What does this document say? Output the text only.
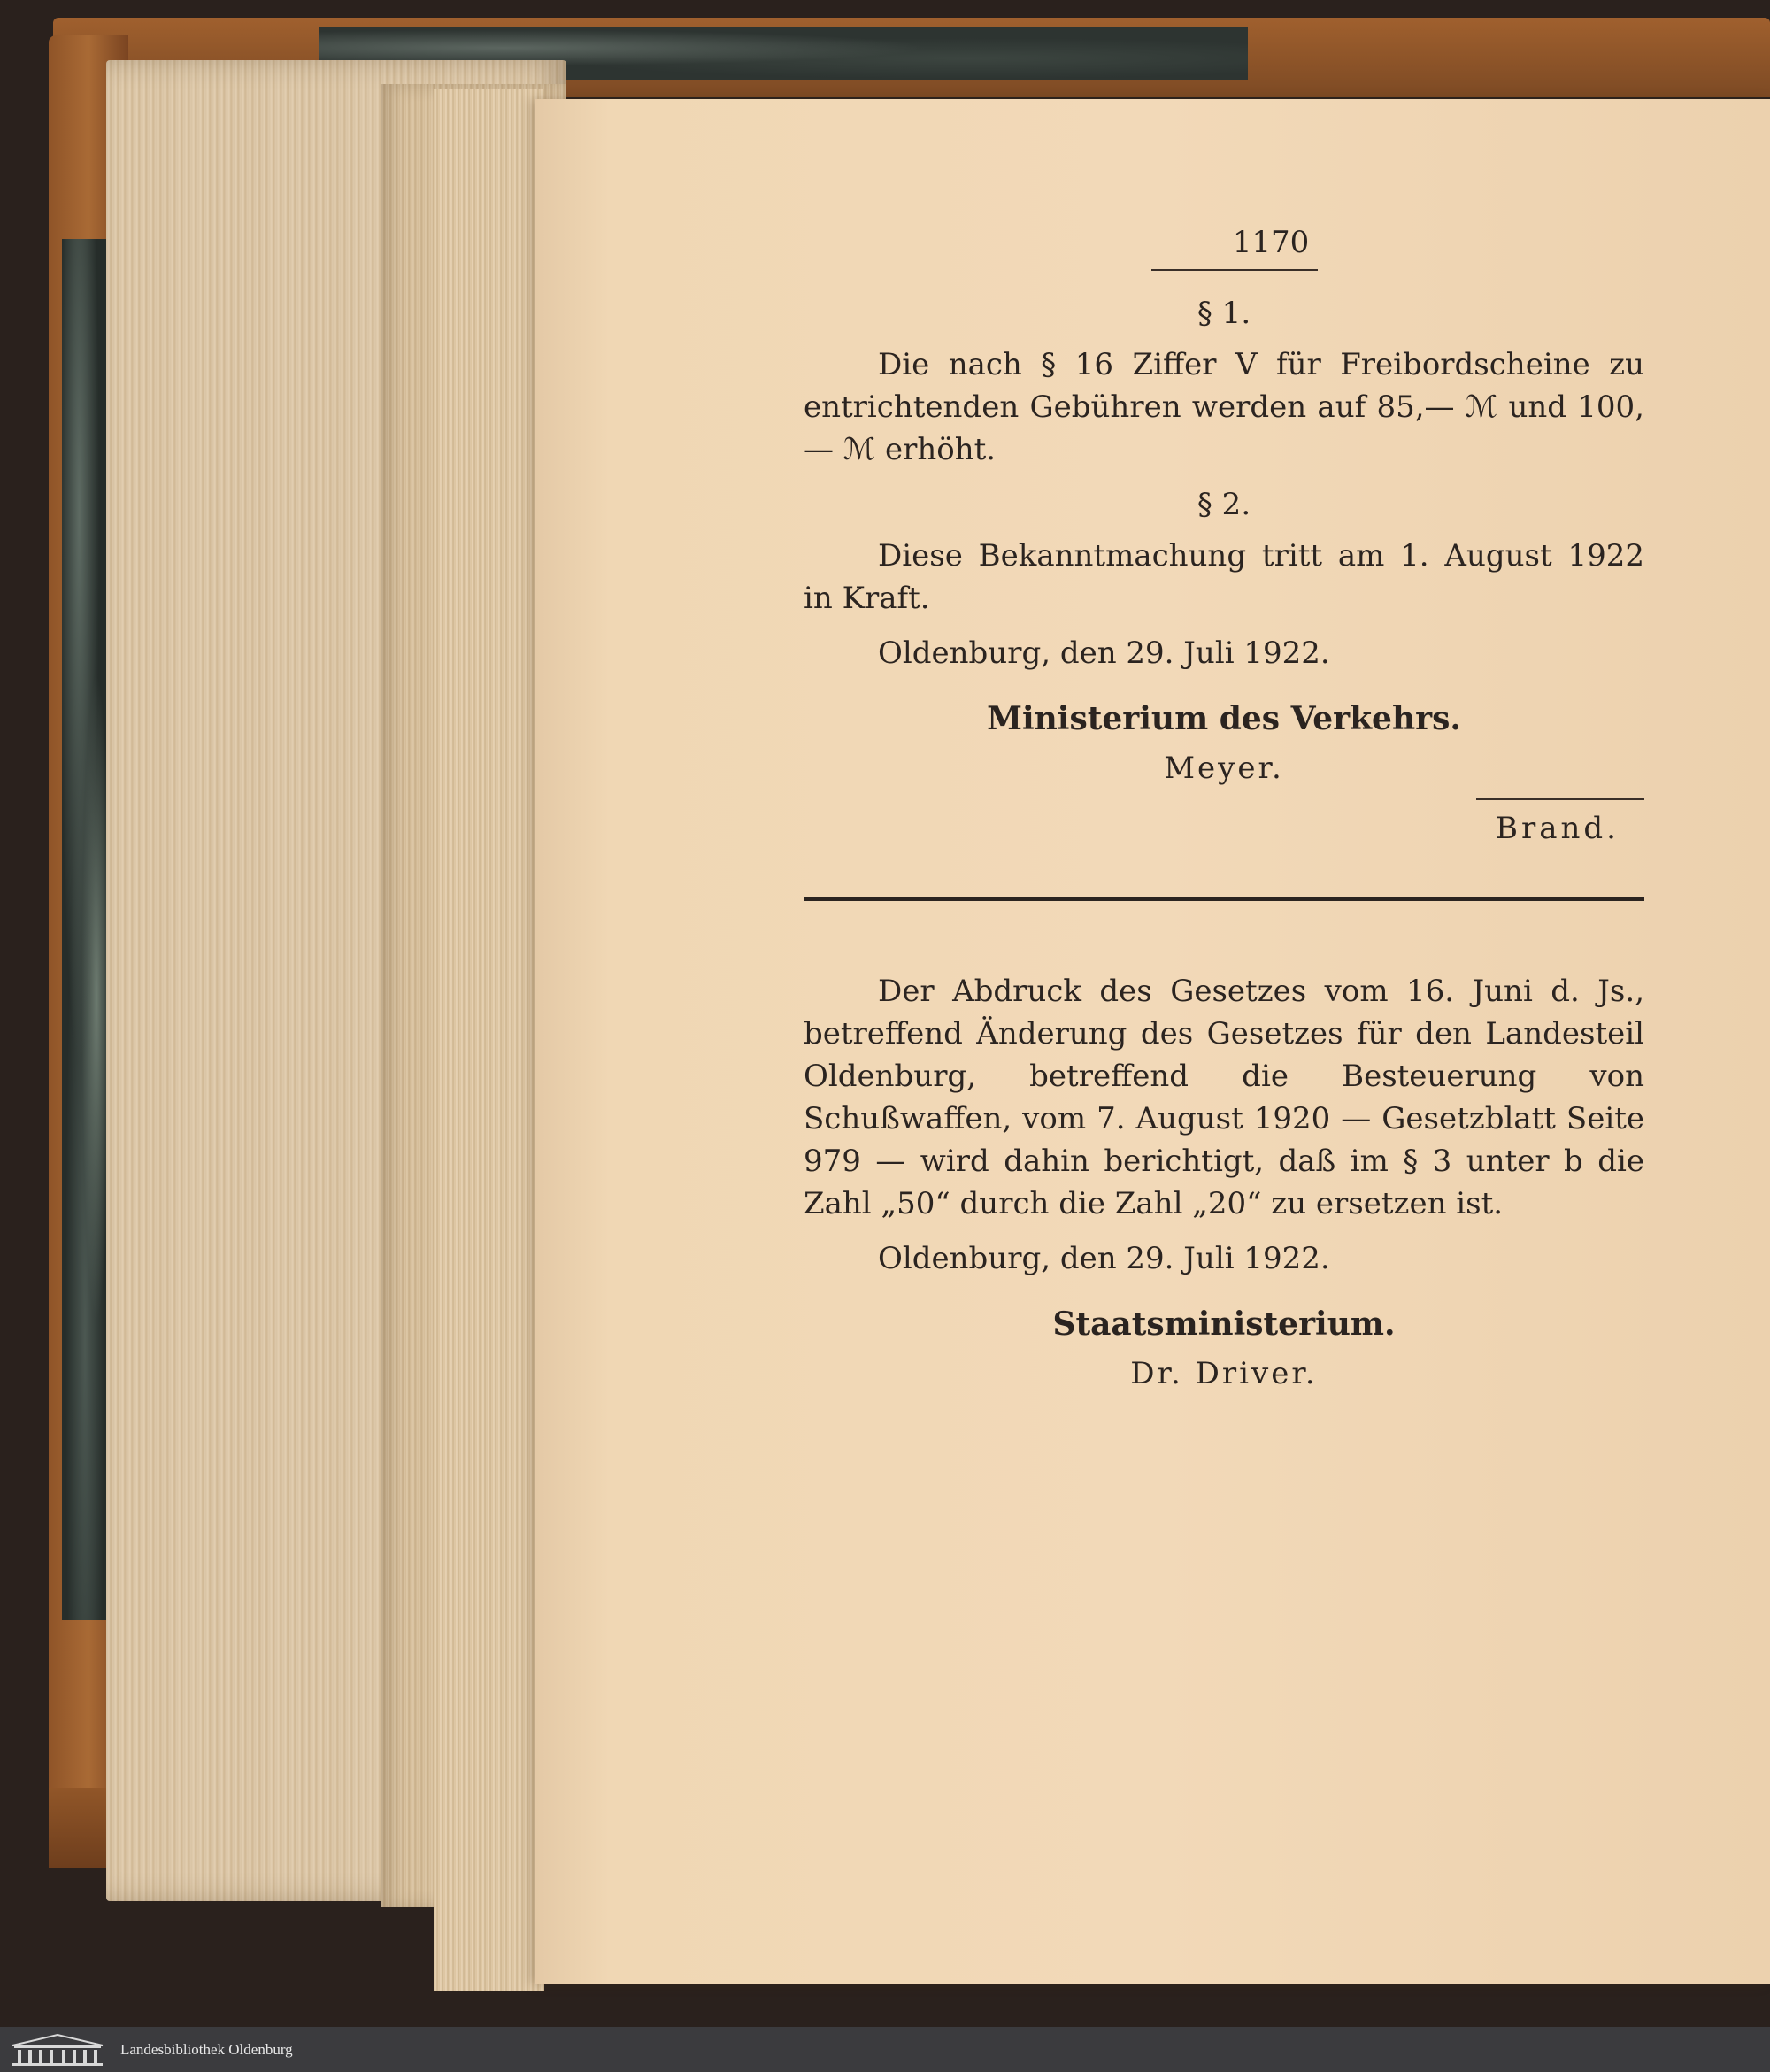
1170
§ 1.

Die nach § 16 Ziffer V für Freibordscheine zu entrichtenden Gebühren werden auf 85,— ℳ und 100,— ℳ erhöht.

§ 2.

Diese Bekanntmachung tritt am 1. August 1922 in Kraft.

Oldenburg, den 29. Juli 1922.
Ministerium des Verkehrs.
Meyer.
Brand.

Der Abdruck des Gesetzes vom 16. Juni d. Js., betreffend Änderung des Gesetzes für den Landesteil Oldenburg, betreffend die Besteuerung von Schußwaffen, vom 7. August 1920 — Gesetzblatt Seite 979 — wird dahin berichtigt, daß im § 3 unter b die Zahl „50“ durch die Zahl „20“ zu ersetzen ist.

Oldenburg, den 29. Juli 1922.
Staatsministerium.
Dr. Driver.
Landesbibliothek Oldenburg
